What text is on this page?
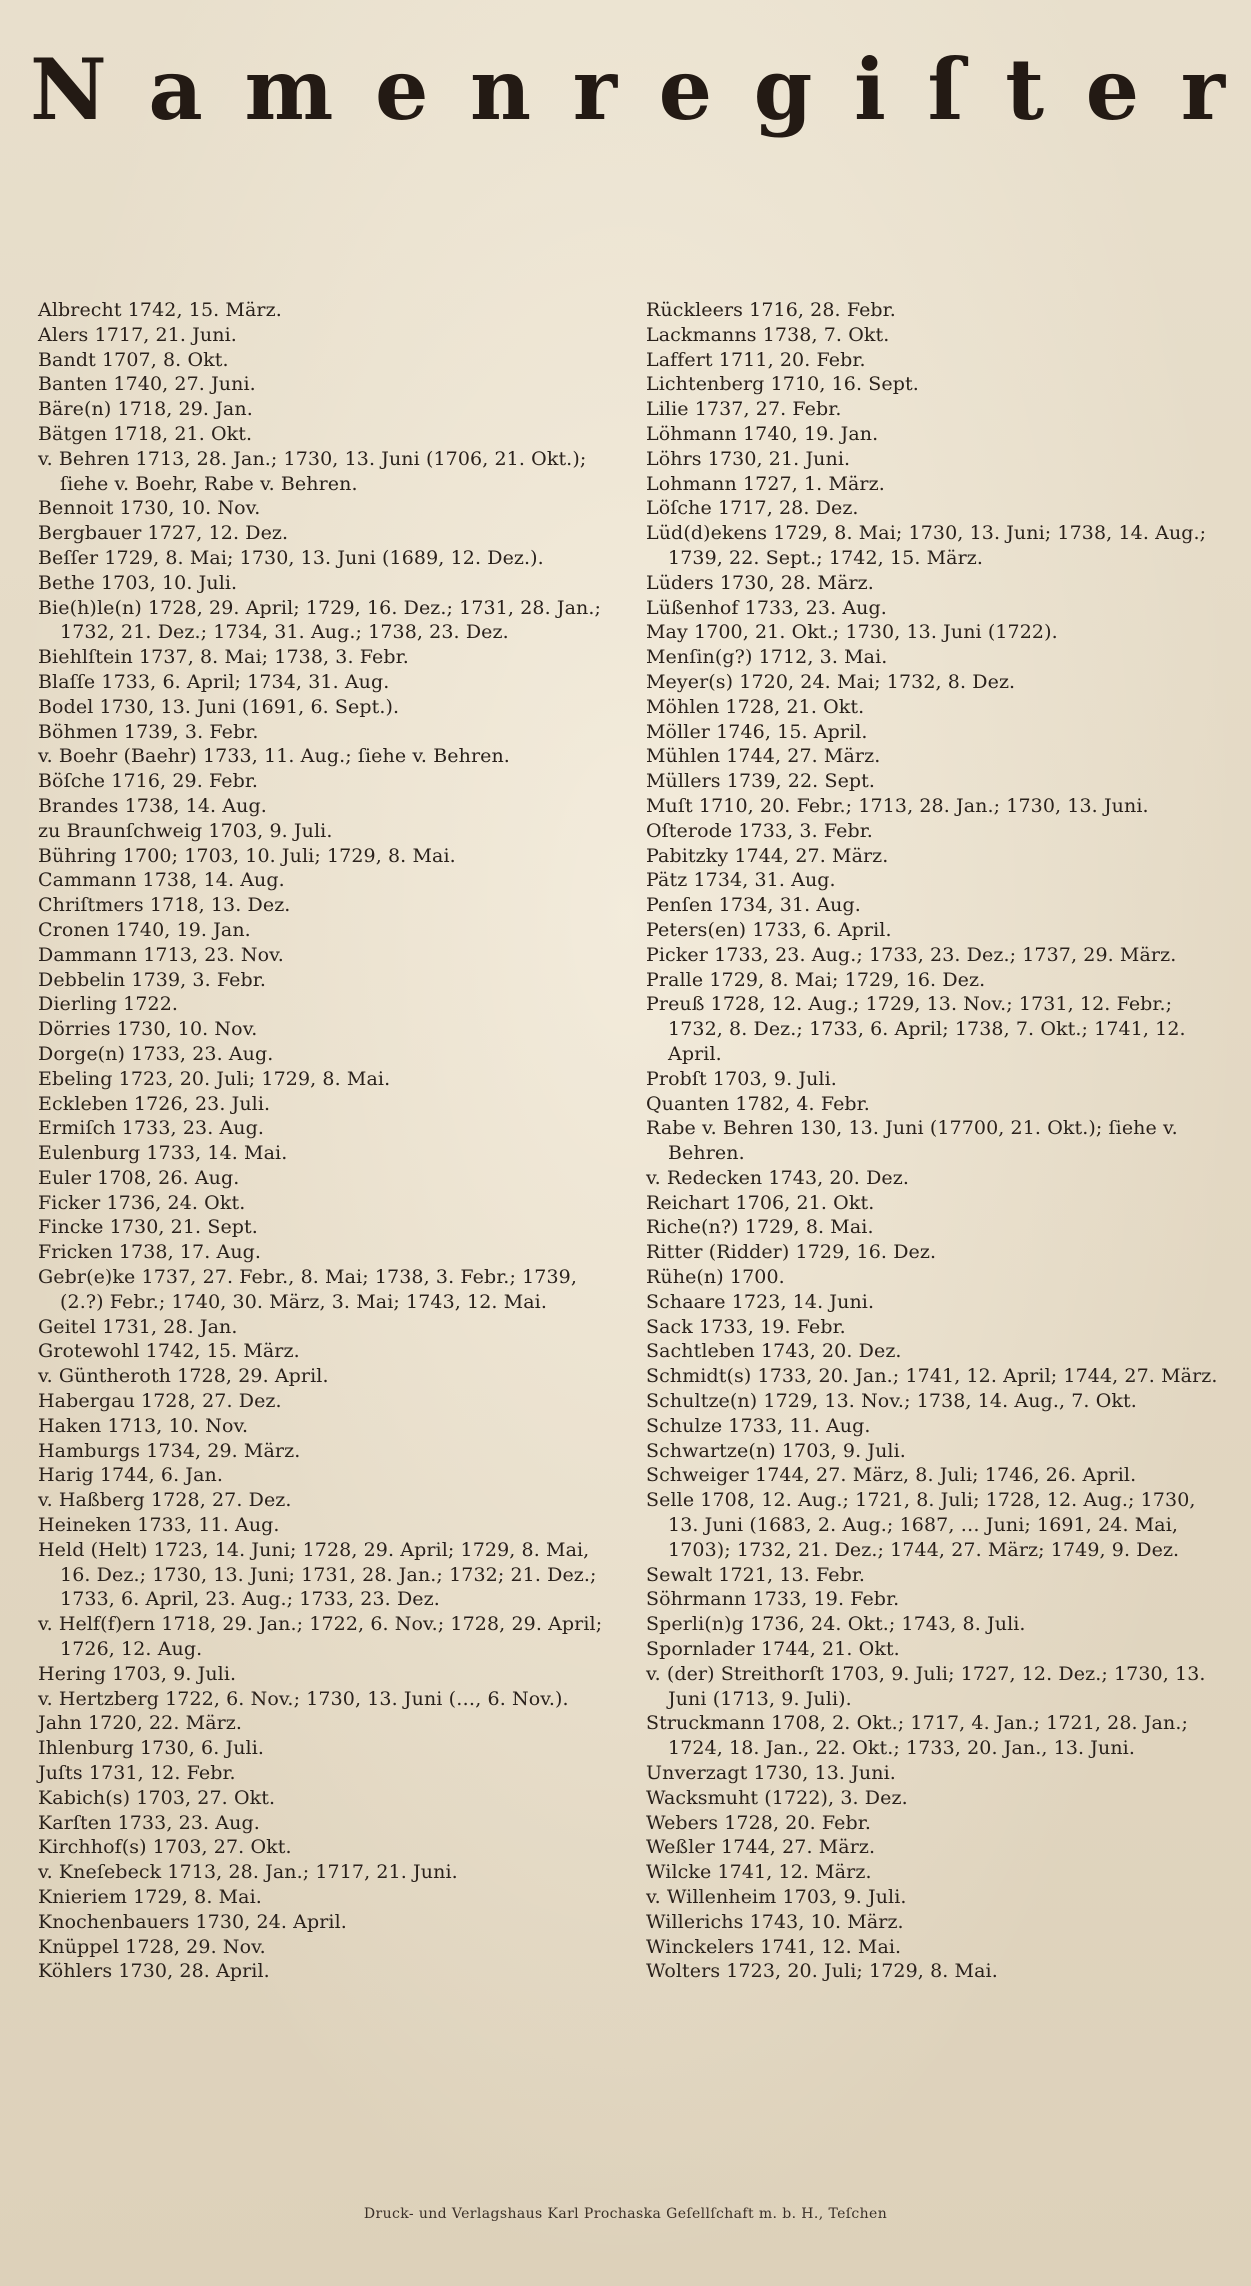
N a m e n r e g i ſ t e r

Albrecht 1742, 15. März.

Alers 1717, 21. Juni.

Bandt 1707, 8. Okt.

Banten 1740, 27. Juni.

Bäre(n) 1718, 29. Jan.

Bätgen 1718, 21. Okt.

v. Behren 1713, 28. Jan.; 1730, 13. Juni (1706, 21. Okt.); ſiehe v. Boehr, Rabe v. Behren.

Bennoit 1730, 10. Nov.

Bergbauer 1727, 12. Dez.

Beſſer 1729, 8. Mai; 1730, 13. Juni (1689, 12. Dez.).

Bethe 1703, 10. Juli.

Bie(h)le(n) 1728, 29. April; 1729, 16. Dez.; 1731, 28. Jan.; 1732, 21. Dez.; 1734, 31. Aug.; 1738, 23. Dez.

Biehlſtein 1737, 8. Mai; 1738, 3. Febr.

Blaſſe 1733, 6. April; 1734, 31. Aug.

Bodel 1730, 13. Juni (1691, 6. Sept.).

Böhmen 1739, 3. Febr.

v. Boehr (Baehr) 1733, 11. Aug.; ſiehe v. Behren.

Böſche 1716, 29. Febr.

Brandes 1738, 14. Aug.

zu Braunſchweig 1703, 9. Juli.

Bühring 1700; 1703, 10. Juli; 1729, 8. Mai.

Cammann 1738, 14. Aug.

Chriſtmers 1718, 13. Dez.

Cronen 1740, 19. Jan.

Dammann 1713, 23. Nov.

Debbelin 1739, 3. Febr.

Dierling 1722.

Dörries 1730, 10. Nov.

Dorge(n) 1733, 23. Aug.

Ebeling 1723, 20. Juli; 1729, 8. Mai.

Eckleben 1726, 23. Juli.

Ermiſch 1733, 23. Aug.

Eulenburg 1733, 14. Mai.

Euler 1708, 26. Aug.

Ficker 1736, 24. Okt.

Fincke 1730, 21. Sept.

Fricken 1738, 17. Aug.

Gebr(e)ke 1737, 27. Febr., 8. Mai; 1738, 3. Febr.; 1739, (2.?) Febr.; 1740, 30. März, 3. Mai; 1743, 12. Mai.

Geitel 1731, 28. Jan.

Grotewohl 1742, 15. März.

v. Güntheroth 1728, 29. April.

Habergau 1728, 27. Dez.

Haken 1713, 10. Nov.

Hamburgs 1734, 29. März.

Harig 1744, 6. Jan.

v. Haßberg 1728, 27. Dez.

Heineken 1733, 11. Aug.

Held (Helt) 1723, 14. Juni; 1728, 29. April; 1729, 8. Mai, 16. Dez.; 1730, 13. Juni; 1731, 28. Jan.; 1732; 21. Dez.; 1733, 6. April, 23. Aug.; 1733, 23. Dez.

v. Helf(f)ern 1718, 29. Jan.; 1722, 6. Nov.; 1728, 29. April; 1726, 12. Aug.

Hering 1703, 9. Juli.

v. Hertzberg 1722, 6. Nov.; 1730, 13. Juni (…, 6. Nov.).

Jahn 1720, 22. März.

Ihlenburg 1730, 6. Juli.

Juſts 1731, 12. Febr.

Kabich(s) 1703, 27. Okt.

Karſten 1733, 23. Aug.

Kirchhof(s) 1703, 27. Okt.

v. Kneſebeck 1713, 28. Jan.; 1717, 21. Juni.

Knieriem 1729, 8. Mai.

Knochenbauers 1730, 24. April.

Knüppel 1728, 29. Nov.

Köhlers 1730, 28. April.

Rückleers 1716, 28. Febr.

Lackmanns 1738, 7. Okt.

Laffert 1711, 20. Febr.

Lichtenberg 1710, 16. Sept.

Lilie 1737, 27. Febr.

Löhmann 1740, 19. Jan.

Löhrs 1730, 21. Juni.

Lohmann 1727, 1. März.

Löſche 1717, 28. Dez.

Lüd(d)ekens 1729, 8. Mai; 1730, 13. Juni; 1738, 14. Aug.; 1739, 22. Sept.; 1742, 15. März.

Lüders 1730, 28. März.

Lüßenhof 1733, 23. Aug.

May 1700, 21. Okt.; 1730, 13. Juni (1722).

Menſin(g?) 1712, 3. Mai.

Meyer(s) 1720, 24. Mai; 1732, 8. Dez.

Möhlen 1728, 21. Okt.

Möller 1746, 15. April.

Mühlen 1744, 27. März.

Müllers 1739, 22. Sept.

Muſt 1710, 20. Febr.; 1713, 28. Jan.; 1730, 13. Juni.

Oſterode 1733, 3. Febr.

Pabitzky 1744, 27. März.

Pätz 1734, 31. Aug.

Penſen 1734, 31. Aug.

Peters(en) 1733, 6. April.

Picker 1733, 23. Aug.; 1733, 23. Dez.; 1737, 29. März.

Pralle 1729, 8. Mai; 1729, 16. Dez.

Preuß 1728, 12. Aug.; 1729, 13. Nov.; 1731, 12. Febr.; 1732, 8. Dez.; 1733, 6. April; 1738, 7. Okt.; 1741, 12. April.

Probſt 1703, 9. Juli.

Quanten 1782, 4. Febr.

Rabe v. Behren 130, 13. Juni (17700, 21. Okt.); ſiehe v. Behren.

v. Redecken 1743, 20. Dez.

Reichart 1706, 21. Okt.

Riche(n?) 1729, 8. Mai.

Ritter (Ridder) 1729, 16. Dez.

Rühe(n) 1700.

Schaare 1723, 14. Juni.

Sack 1733, 19. Febr.

Sachtleben 1743, 20. Dez.

Schmidt(s) 1733, 20. Jan.; 1741, 12. April; 1744, 27. März.

Schultze(n) 1729, 13. Nov.; 1738, 14. Aug., 7. Okt.

Schulze 1733, 11. Aug.

Schwartze(n) 1703, 9. Juli.

Schweiger 1744, 27. März, 8. Juli; 1746, 26. April.

Selle 1708, 12. Aug.; 1721, 8. Juli; 1728, 12. Aug.; 1730, 13. Juni (1683, 2. Aug.; 1687, … Juni; 1691, 24. Mai, 1703); 1732, 21. Dez.; 1744, 27. März; 1749, 9. Dez.

Sewalt 1721, 13. Febr.

Söhrmann 1733, 19. Febr.

Sperli(n)g 1736, 24. Okt.; 1743, 8. Juli.

Spornlader 1744, 21. Okt.

v. (der) Streithorſt 1703, 9. Juli; 1727, 12. Dez.; 1730, 13. Juni (1713, 9. Juli).

Struckmann 1708, 2. Okt.; 1717, 4. Jan.; 1721, 28. Jan.; 1724, 18. Jan., 22. Okt.; 1733, 20. Jan., 13. Juni.

Unverzagt 1730, 13. Juni.

Wacksmuht (1722), 3. Dez.

Webers 1728, 20. Febr.

Weßler 1744, 27. März.

Wilcke 1741, 12. März.

v. Willenheim 1703, 9. Juli.

Willerichs 1743, 10. März.

Winckelers 1741, 12. Mai.

Wolters 1723, 20. Juli; 1729, 8. Mai.

Druck- und Verlagshaus Karl Prochaska Geſellſchaft m. b. H., Teſchen
